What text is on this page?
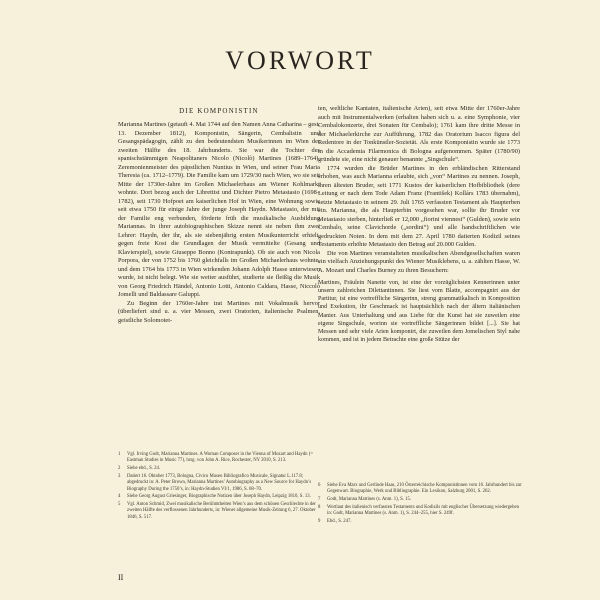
VORWORT
DIE KOMPONISTIN

Marianna Martines (getauft 4. Mai 1744 auf den Namen Anna Catharina – gest. 13. Dezember 1812), Komponistin, Sängerin, Cembalistin und Gesangspädagogin, zählt zu den bedeutendsten Musikerinnen im Wien der zweiten Hälfte des 18. Jahrhunderts. Sie war die Tochter des spanischstämmigen Neapolitaners Nicolo (Nicolò) Martines (1689–1764), Zeremonienmeister des päpstlichen Nuntius in Wien, und seiner Frau Maria Theresia (ca. 1712–1779). Die Familie kam um 1729/30 nach Wien, wo sie seit Mitte der 1730er-Jahre im Großen Michaelerhaus am Wiener Kohlmarkt wohnte. Dort bezog auch der Librettist und Dichter Pietro Metastasio (1698–1782), seit 1730 Hofpoet am kaiserlichen Hof in Wien, eine Wohnung sowie seit etwa 1750 für einige Jahre der junge Joseph Haydn. Metastasio, der mit der Familie eng verbunden, förderte früh die musikalische Ausbildung Mariannas. In ihrer autobiographischen Skizze nennt sie neben ihm zwei Lehrer: Haydn, der ihr, als sie siebenjährig ersten Musikunterricht erhielt, gegen freie Kost die Grundlagen der Musik vermittelte (Gesang und Klavierspiel), sowie Giuseppe Bonno (Kontrapunkt). Ob sie auch von Nicola Porpora, der von 1752 bis 1760 gleichfalls im Großen Michaelerhaus wohnte, und dem 1764 bis 1773 in Wien wirkenden Johann Adolph Hasse unterwiesen wurde, ist nicht belegt. Wie sie weiter ausführt, studierte sie fleißig die Musik von Georg Friedrich Händel, Antonio Lotti, Antonio Caldara, Hasse, Niccolò Jomelli und Baldassare Galuppi.

Zu Beginn der 1760er-Jahre trat Martines mit Vokalmusik hervor (überliefert sind u. a. vier Messen, zwei Oratorien, italienische Psalmen, geistliche Solomotet-

ten, weltliche Kantaten, italienische Arien), seit etwa Mitte der 1760er-Jahre auch mit Instrumentalwerken (erhalten haben sich u. a. eine Symphonie, vier Cembalokonzerte, drei Sonaten für Cembalo); 1761 kam ihre dritte Messe in der Michaelerkirche zur Aufführung, 1782 das Oratorium Isacco figura del Redentore in der Tonkünstler-Sozietät. Als erste Komponistin wurde sie 1773 in die Accademia Filarmonica di Bologna aufgenommen. Später (1780/90) gründete sie, eine nicht genauer benannte „Singschule“.

1774 wurden die Brüder Martines in den erbländischen Ritterstand erhoben, was auch Marianna erlaubte, sich „von“ Martines zu nennen. Joseph, ihren ältesten Bruder, seit 1771 Kustos der kaiserlichen Hofbibliothek (dere Leitung er nach dem Tode Adam Franz (František) Kollárs 1783 übernahm), setzte Metastasio in seinem 29. Juli 1765 verfassten Testament als Haupterben ein. Marianna, die als Haupterbin vorgesehen war, sollte ihr Bruder vor Metastasio sterben, hinterließ er 12,000 „fiorini viennesi“ (Gulden), sowie sein Cembalo, seine Clavichorde („sordini“) und alle handschriftlichen wie gedruckten Noten. In dem mit dem 27. April 1780 datierten Kodizil seines Testaments erhöhte Metastasio den Betrag auf 20.000 Gulden.

Die von Martines veranstalteten musikalischen Abendgesellschaften waren ein vielfach Anziehungspunkt des Wiener Musiklebens, u. a. zählten Hasse, W. A. Mozart und Charles Burney zu ihren Besuchern:

Martines, Fräulein Nanette von, ist eine der vorzüglichsten Kennerinnen unter unsern zahlreichen Dilettantinnen. Sie liest vom Blatte, accompagnirt aus der Partitur, ist eine vortreffliche Sängerinn, streng grammatikalisch in Komposition und Exekution, ihr Geschmack ist hauptsächlich nach der ältern italiänischen Manier. Aus Unterhaltung und aus Liebe für die Kunst hat sie zuweilen eine eigene Singschule, worinn sie vortreffliche Sängerinnen bildet [...]. Sie hat Messen und sehr viele Arien komponirt, die zuweilen dem Jomelischen Styl nahe kommen, und ist in jedem Betrachte eine große Stütze der

1	Vgl. Irving Godt, Marianna Martines. A Woman Composer in the Vienna of Mozart and Haydn (= Eastman Studies in Music 77), hrsg. von John A. Rice, Rochester, NY 2010, S. 213.
2	Siehe ebd., S. 24.
3	Datiert 16. Oktober 1773, Bologna, Civico Museo Bibliografico Musicale, Signatur L.117.8; abgedruckt in: A. Peter Brown, Marianna Martines’ Autobiography as a New Source for Haydn’s Biography During the 1750’s, in: Haydn-Studien VI/1, 1986, S. 68–70.
4	Siehe Georg August Griesinger, Biographische Notizen über Joseph Haydn, Leipzig 1810, S. 13.
5	Vgl. Anton Schmid, Zwei musikalische Berühmtheiten Wien’s aus dem schönen Geschlechte in der zweiten Hälfte des verflossenen Jahrhunderts, in: Wiener allgemeine Musik-Zeitung 6, 27. Oktober 1846, S. 517.
6	Siehe Eva Marx und Gerlinde Haas, 210 Österreichische Komponistinnen vom 16. Jahrhundert bis zur Gegenwart. Biographie, Werk und Bibliographie. Ein Lexikon, Salzburg 2001, S. 262.
7	Godt, Marianna Martines (s. Anm. 1), S. 15.
8	Wortlaut des italienisch verfassten Testaments und Kodizils mit englischer Übersetzung wiedergeben in: Godt, Marianna Martines (s. Anm. 1), S. 244–255, hier S. 249f.
9	Ebd., S. 247.
II
